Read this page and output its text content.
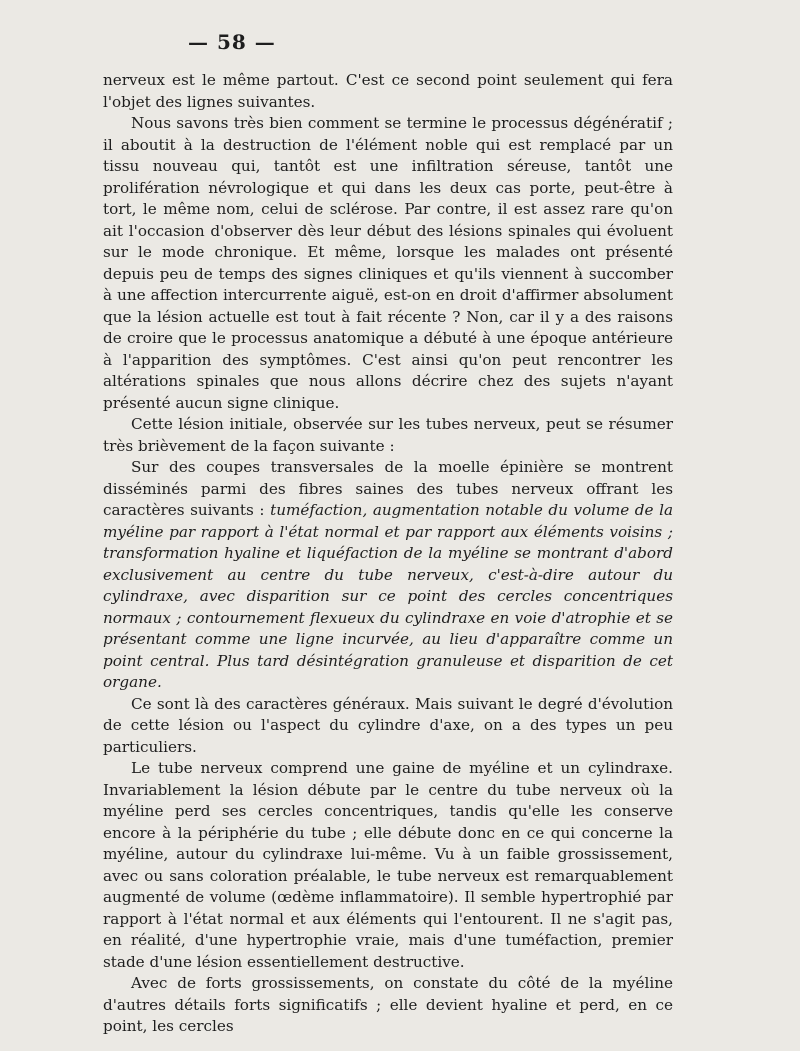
— 58 —

nerveux est le même partout. C'est ce second point seulement qui fera l'objet des lignes suivantes.

Nous savons très bien comment se termine le processus dégénératif ; il aboutit à la destruction de l'élément noble qui est remplacé par un tissu nouveau qui, tantôt est une infiltration séreuse, tantôt une prolifération névrologique et qui dans les deux cas porte, peut-être à tort, le même nom, celui de sclérose. Par contre, il est assez rare qu'on ait l'occasion d'observer dès leur début des lésions spinales qui évoluent sur le mode chronique. Et même, lorsque les malades ont présenté depuis peu de temps des signes cliniques et qu'ils viennent à succomber à une affection intercurrente aiguë, est-on en droit d'affirmer absolument que la lésion actuelle est tout à fait récente ? Non, car il y a des raisons de croire que le processus anatomique a débuté à une époque antérieure à l'apparition des symptômes. C'est ainsi qu'on peut rencontrer les altérations spinales que nous allons décrire chez des sujets n'ayant présenté aucun signe clinique.

Cette lésion initiale, observée sur les tubes nerveux, peut se résumer très brièvement de la façon suivante :

Sur des coupes transversales de la moelle épinière se montrent disséminés parmi des fibres saines des tubes nerveux offrant les caractères suivants : tuméfaction, augmentation notable du volume de la myéline par rapport à l'état normal et par rapport aux éléments voisins ; transformation hyaline et liquéfaction de la myéline se montrant d'abord exclusivement au centre du tube nerveux, c'est-à-dire autour du cylindraxe, avec disparition sur ce point des cercles concentriques normaux ; contournement flexueux du cylindraxe en voie d'atrophie et se présentant comme une ligne incurvée, au lieu d'apparaître comme un point central. Plus tard désintégration granuleuse et disparition de cet organe.

Ce sont là des caractères généraux. Mais suivant le degré d'évolution de cette lésion ou l'aspect du cylindre d'axe, on a des types un peu particuliers.

Le tube nerveux comprend une gaine de myéline et un cylindraxe. Invariablement la lésion débute par le centre du tube nerveux où la myéline perd ses cercles concentriques, tandis qu'elle les conserve encore à la périphérie du tube ; elle débute donc en ce qui concerne la myéline, autour du cylindraxe lui-même. Vu à un faible grossissement, avec ou sans coloration préalable, le tube nerveux est remarquablement augmenté de volume (œdème inflammatoire). Il semble hypertrophié par rapport à l'état normal et aux éléments qui l'entourent. Il ne s'agit pas, en réalité, d'une hypertrophie vraie, mais d'une tuméfaction, premier stade d'une lésion essentiellement destructive.

Avec de forts grossissements, on constate du côté de la myéline d'autres détails forts significatifs ; elle devient hyaline et perd, en ce point, les cercles
